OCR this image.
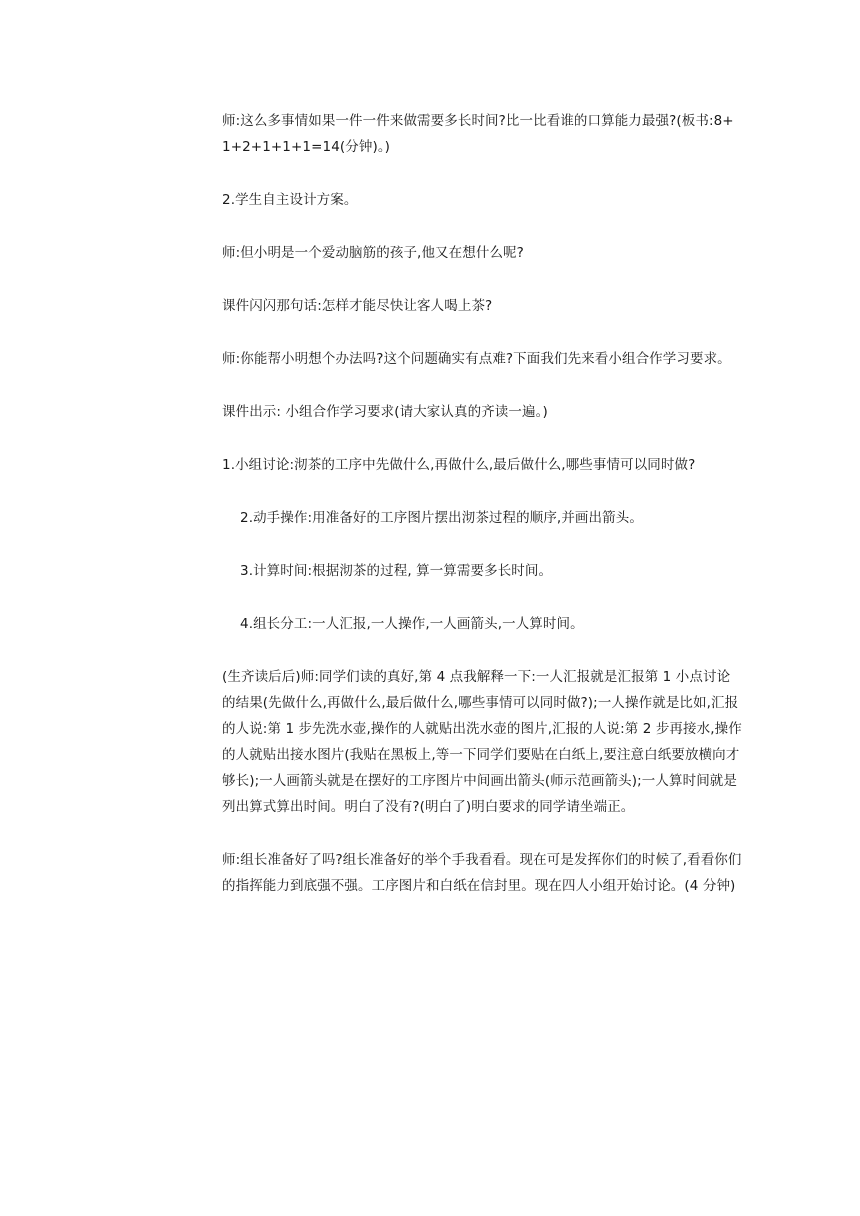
师:这么多事情如果一件一件来做需要多长时间?比一比看谁的口算能力最强?(板书:8+1+2+1+1+1=14(分钟)。)

2.学生自主设计方案。

师:但小明是一个爱动脑筋的孩子,他又在想什么呢?

课件闪闪那句话:怎样才能尽快让客人喝上茶?

师:你能帮小明想个办法吗?这个问题确实有点难?下面我们先来看小组合作学习要求。

课件出示: 小组合作学习要求(请大家认真的齐读一遍。)

1.小组讨论:沏茶的工序中先做什么,再做什么,最后做什么,哪些事情可以同时做?

2.动手操作:用准备好的工序图片摆出沏茶过程的顺序,并画出箭头。

3.计算时间:根据沏茶的过程, 算一算需要多长时间。

4.组长分工:一人汇报,一人操作,一人画箭头,一人算时间。

(生齐读后后)师:同学们读的真好,第 4 点我解释一下:一人汇报就是汇报第 1 小点讨论的结果(先做什么,再做什么,最后做什么,哪些事情可以同时做?);一人操作就是比如,汇报的人说:第 1 步先洗水壶,操作的人就贴出洗水壶的图片,汇报的人说:第 2 步再接水,操作的人就贴出接水图片(我贴在黑板上,等一下同学们要贴在白纸上,要注意白纸要放横向才够长);一人画箭头就是在摆好的工序图片中间画出箭头(师示范画箭头);一人算时间就是列出算式算出时间。明白了没有?(明白了)明白要求的同学请坐端正。

师:组长准备好了吗?组长准备好的举个手我看看。现在可是发挥你们的时候了,看看你们的指挥能力到底强不强。工序图片和白纸在信封里。现在四人小组开始讨论。(4 分钟)
